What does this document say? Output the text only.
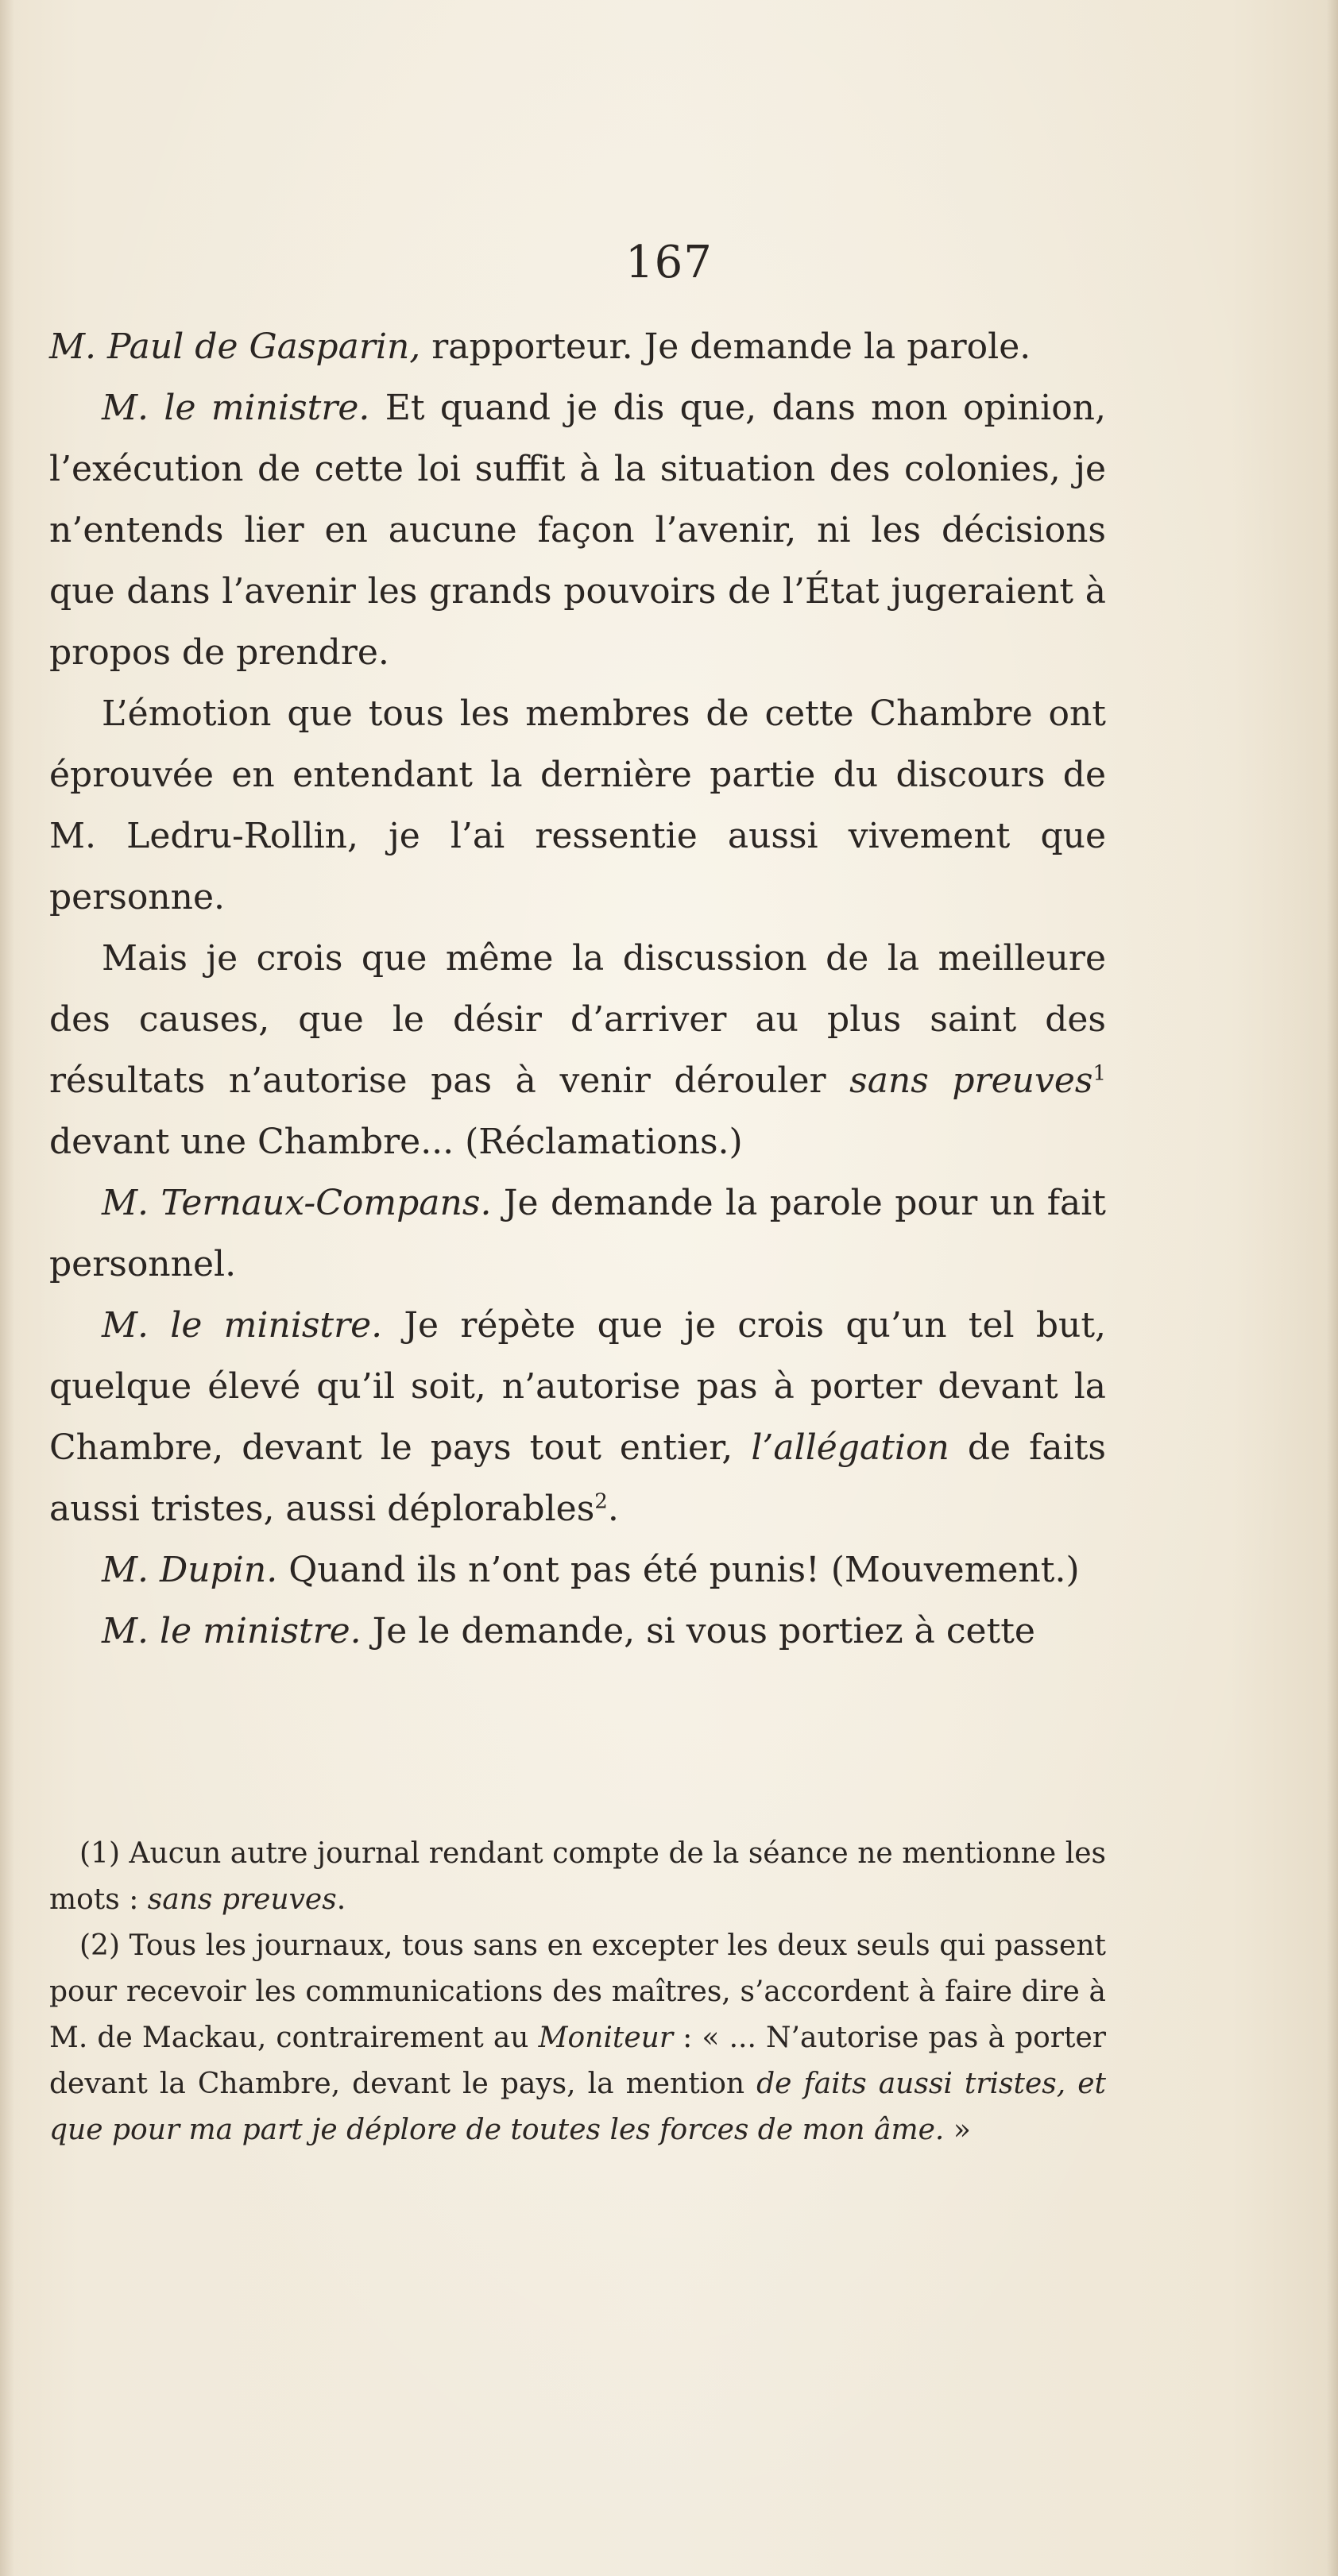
167

M. Paul de Gasparin, rapporteur. Je demande la parole.

M. le ministre. Et quand je dis que, dans mon opinion, l’exécution de cette loi suffit à la situation des colonies, je n’entends lier en aucune façon l’avenir, ni les décisions que dans l’avenir les grands pouvoirs de l’État jugeraient à propos de prendre.

L’émotion que tous les membres de cette Chambre ont éprouvée en entendant la dernière partie du discours de M. Ledru-Rollin, je l’ai ressentie aussi vivement que personne.

Mais je crois que même la discussion de la meilleure des causes, que le désir d’arriver au plus saint des résultats n’autorise pas à venir dérouler sans preuves$^1$ devant une Chambre... (Réclamations.)

M. Ternaux-Compans. Je demande la parole pour un fait personnel.

M. le ministre. Je répète que je crois qu’un tel but, quelque élevé qu’il soit, n’autorise pas à porter devant la Chambre, devant le pays tout entier, l’allégation de faits aussi tristes, aussi déplorables$^2$.

M. Dupin. Quand ils n’ont pas été punis! (Mouvement.)

M. le ministre. Je le demande, si vous portiez à cette

(1) Aucun autre journal rendant compte de la séance ne mentionne les mots : sans preuves.

(2) Tous les journaux, tous sans en excepter les deux seuls qui passent pour recevoir les communications des maîtres, s’accordent à faire dire à M. de Mackau, contrairement au Moniteur : « ... N’autorise pas à porter devant la Chambre, devant le pays, la mention de faits aussi tristes, et que pour ma part je déplore de toutes les forces de mon âme. »
